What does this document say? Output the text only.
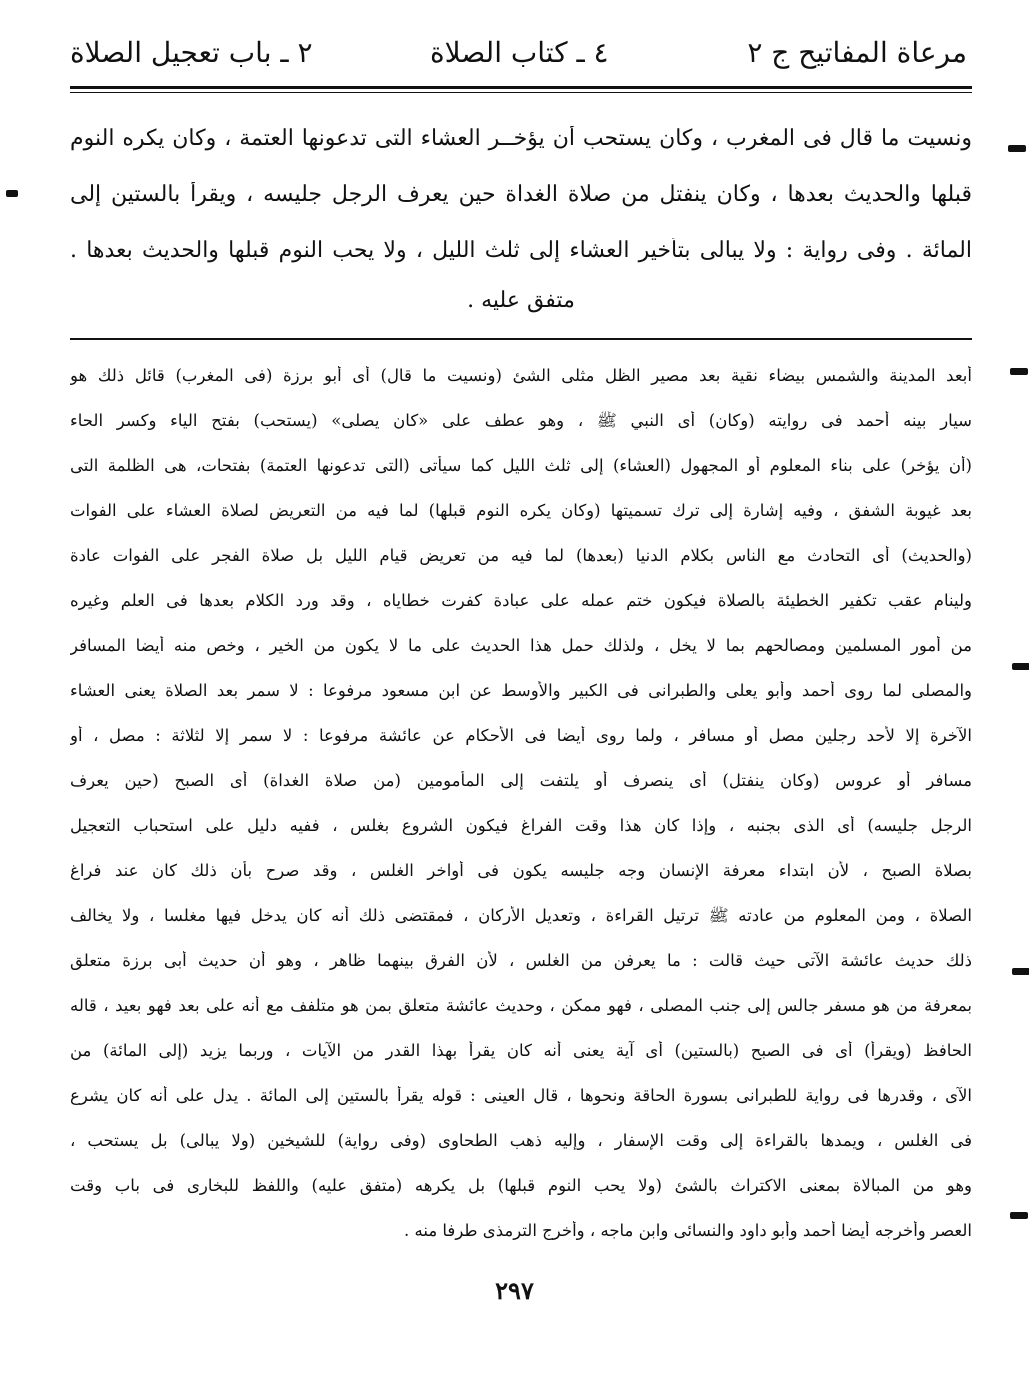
مرعاة المفاتيح ج ٢
٤ ـ كتاب الصلاة
٢ ـ باب تعجيل الصلاة
ونسيت ما قال فى المغرب ، وكان يستحب أن يؤخــر العشاء التى تدعونها العتمة ، وكان يكره النوم
قبلها والحديث بعدها ، وكان ينفتل من صلاة الغداة حين يعرف الرجل جليسه ، ويقرأ بالستين إلى
المائة . وفى رواية : ولا يبالى بتأخير العشاء إلى ثلث الليل ، ولا يحب النوم قبلها والحديث بعدها .
متفق عليه .
أبعد المدينة والشمس بيضاء نقية بعد مصير الظل مثلى الشئ (ونسيت ما قال) أى أبو برزة (فى المغرب) قائل ذلك هو
سيار بينه أحمد فى روايته (وكان) أى النبي ﷺ ، وهو عطف على «كان يصلى» (يستحب) بفتح الياء وكسر الحاء
(أن يؤخر) على بناء المعلوم أو المجهول (العشاء) إلى ثلث الليل كما سيأتى (التى تدعونها العتمة) بفتحات، هى الظلمة التى
بعد غيوبة الشفق ، وفيه إشارة إلى ترك تسميتها (وكان يكره النوم قبلها) لما فيه من التعريض لصلاة العشاء على الفوات
(والحديث) أى التحادث مع الناس بكلام الدنيا (بعدها) لما فيه من تعريض قيام الليل بل صلاة الفجر على الفوات عادة
ولينام عقب تكفير الخطيئة بالصلاة فيكون ختم عمله على عبادة كفرت خطاياه ، وقد ورد الكلام بعدها فى العلم وغيره
من أمور المسلمين ومصالحهم بما لا يخل ، ولذلك حمل هذا الحديث على ما لا يكون من الخير ، وخص منه أيضا المسافر
والمصلى لما روى أحمد وأبو يعلى والطبرانى فى الكبير والأوسط عن ابن مسعود مرفوعا : لا سمر بعد الصلاة يعنى العشاء
الآخرة إلا لأحد رجلين مصل أو مسافر ، ولما روى أيضا فى الأحكام عن عائشة مرفوعا : لا سمر إلا لثلاثة : مصل ، أو
مسافر أو عروس (وكان ينفتل) أى ينصرف أو يلتفت إلى المأمومين (من صلاة الغداة) أى الصبح (حين يعرف
الرجل جليسه) أى الذى بجنبه ، وإذا كان هذا وقت الفراغ فيكون الشروع بغلس ، ففيه دليل على استحباب التعجيل
بصلاة الصبح ، لأن ابتداء معرفة الإنسان وجه جليسه يكون فى أواخر الغلس ، وقد صرح بأن ذلك كان عند فراغ
الصلاة ، ومن المعلوم من عادته ﷺ ترتيل القراءة ، وتعديل الأركان ، فمقتضى ذلك أنه كان يدخل فيها مغلسا ، ولا يخالف
ذلك حديث عائشة الآتى حيث قالت : ما يعرفن من الغلس ، لأن الفرق بينهما ظاهر ، وهو أن حديث أبى برزة متعلق
بمعرفة من هو مسفر جالس إلى جنب المصلى ، فهو ممكن ، وحديث عائشة متعلق بمن هو متلفف مع أنه على بعد فهو بعيد ، قاله
الحافظ (ويقرأ) أى فى الصبح (بالستين) أى آية يعنى أنه كان يقرأ بهذا القدر من الآيات ، وربما يزيد (إلى المائة) من
الآى ، وقدرها فى رواية للطبرانى بسورة الحاقة ونحوها ، قال العينى : قوله يقرأ بالستين إلى المائة . يدل على أنه كان يشرع
فى الغلس ، ويمدها بالقراءة إلى وقت الإسفار ، وإليه ذهب الطحاوى (وفى رواية) للشيخين (ولا يبالى) بل يستحب ،
وهو من المبالاة بمعنى الاكتراث بالشئ (ولا يحب النوم قبلها) بل يكرهه (متفق عليه) واللفظ للبخارى فى باب وقت
العصر وأخرجه أيضا أحمد وأبو داود والنسائى وابن ماجه ، وأخرج الترمذى طرفا منه .
٢٩٧
